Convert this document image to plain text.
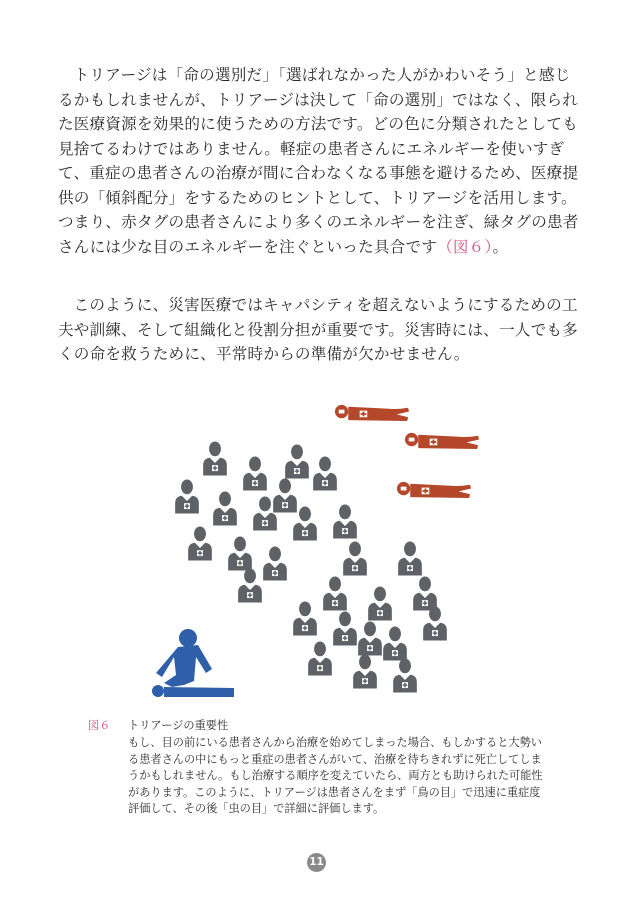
トリアージは「命の選別だ」「選ばれなかった人がかわいそう」と感じるかもしれませんが、トリアージは決して「命の選別」ではなく、限られた医療資源を効果的に使うための方法です。どの色に分類されたとしても見捨てるわけではありません。軽症の患者さんにエネルギーを使いすぎて、重症の患者さんの治療が間に合わなくなる事態を避けるため、医療提供の「傾斜配分」をするためのヒントとして、トリアージを活用します。つまり、赤タグの患者さんにより多くのエネルギーを注ぎ、緑タグの患者さんには少な目のエネルギーを注ぐといった具合です（図６）。

このように、災害医療ではキャパシティを超えないようにするための工夫や訓練、そして組織化と役割分担が重要です。災害時には、一人でも多くの命を救うために、平常時からの準備が欠かせません。

図６ トリアージの重要性
もし、目の前にいる患者さんから治療を始めてしまった場合、もしかすると大勢いる患者さんの中にもっと重症の患者さんがいて、治療を待ちきれずに死亡してしまうかもしれません。もし治療する順序を変えていたら、両方とも助けられた可能性があります。このように、トリアージは患者さんをまず「鳥の目」で迅速に重症度評価して、その後「虫の目」で詳細に評価します。
11
